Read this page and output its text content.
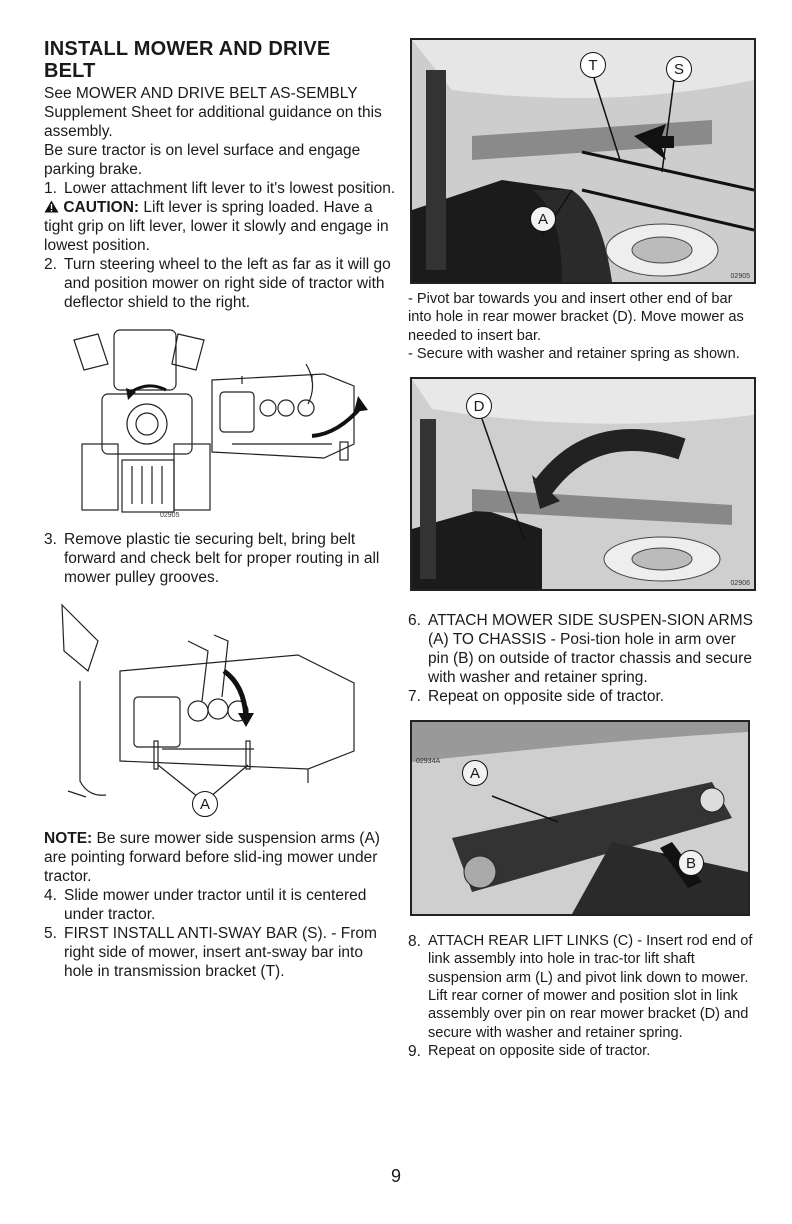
INSTALL MOWER AND DRIVE
BELT

See MOWER AND DRIVE BELT AS-SEMBLY Supplement Sheet for additional guidance on this assembly.

Be sure tractor is on level surface and engage parking brake.

1. Lower attachment lift lever to it's lowest position.

CAUTION: Lift lever is spring loaded. Have a tight grip on lift lever, lower it slowly and engage in lowest position.

2. Turn steering wheel to the left as far as it will go and position mower on right side of tractor with deflector shield to the right.
02905
3. Remove plastic tie securing belt, bring belt forward and check belt for proper routing in all mower pulley grooves.
A

NOTE: Be sure mower side suspension arms (A) are pointing forward before slid-ing mower under tractor.

4. Slide mower under tractor until it is centered under tractor.
5. FIRST INSTALL ANTI-SWAY BAR (S). - From right side of mower, insert ant-sway bar into hole in transmission bracket (T).
T	S
A
02905

- Pivot bar towards you and insert other end of bar into hole in rear mower bracket (D). Move mower as needed to insert bar.

- Secure with washer and retainer spring as shown.

D
02906
6. ATTACH MOWER SIDE SUSPEN-SION ARMS (A) TO CHASSIS - Posi-tion hole in arm over pin (B) on outside of tractor chassis and secure with washer and retainer spring.
7. Repeat on opposite side of tractor.
A
B
02934A
8. ATTACH REAR LIFT LINKS (C) - Insert rod end of link assembly into hole in trac-tor lift shaft suspension arm (L) and pivot link down to mower. Lift rear corner of mower and position slot in link assembly over pin on rear mower bracket (D) and secure with washer and retainer spring.
9. Repeat on opposite side of tractor.
9
